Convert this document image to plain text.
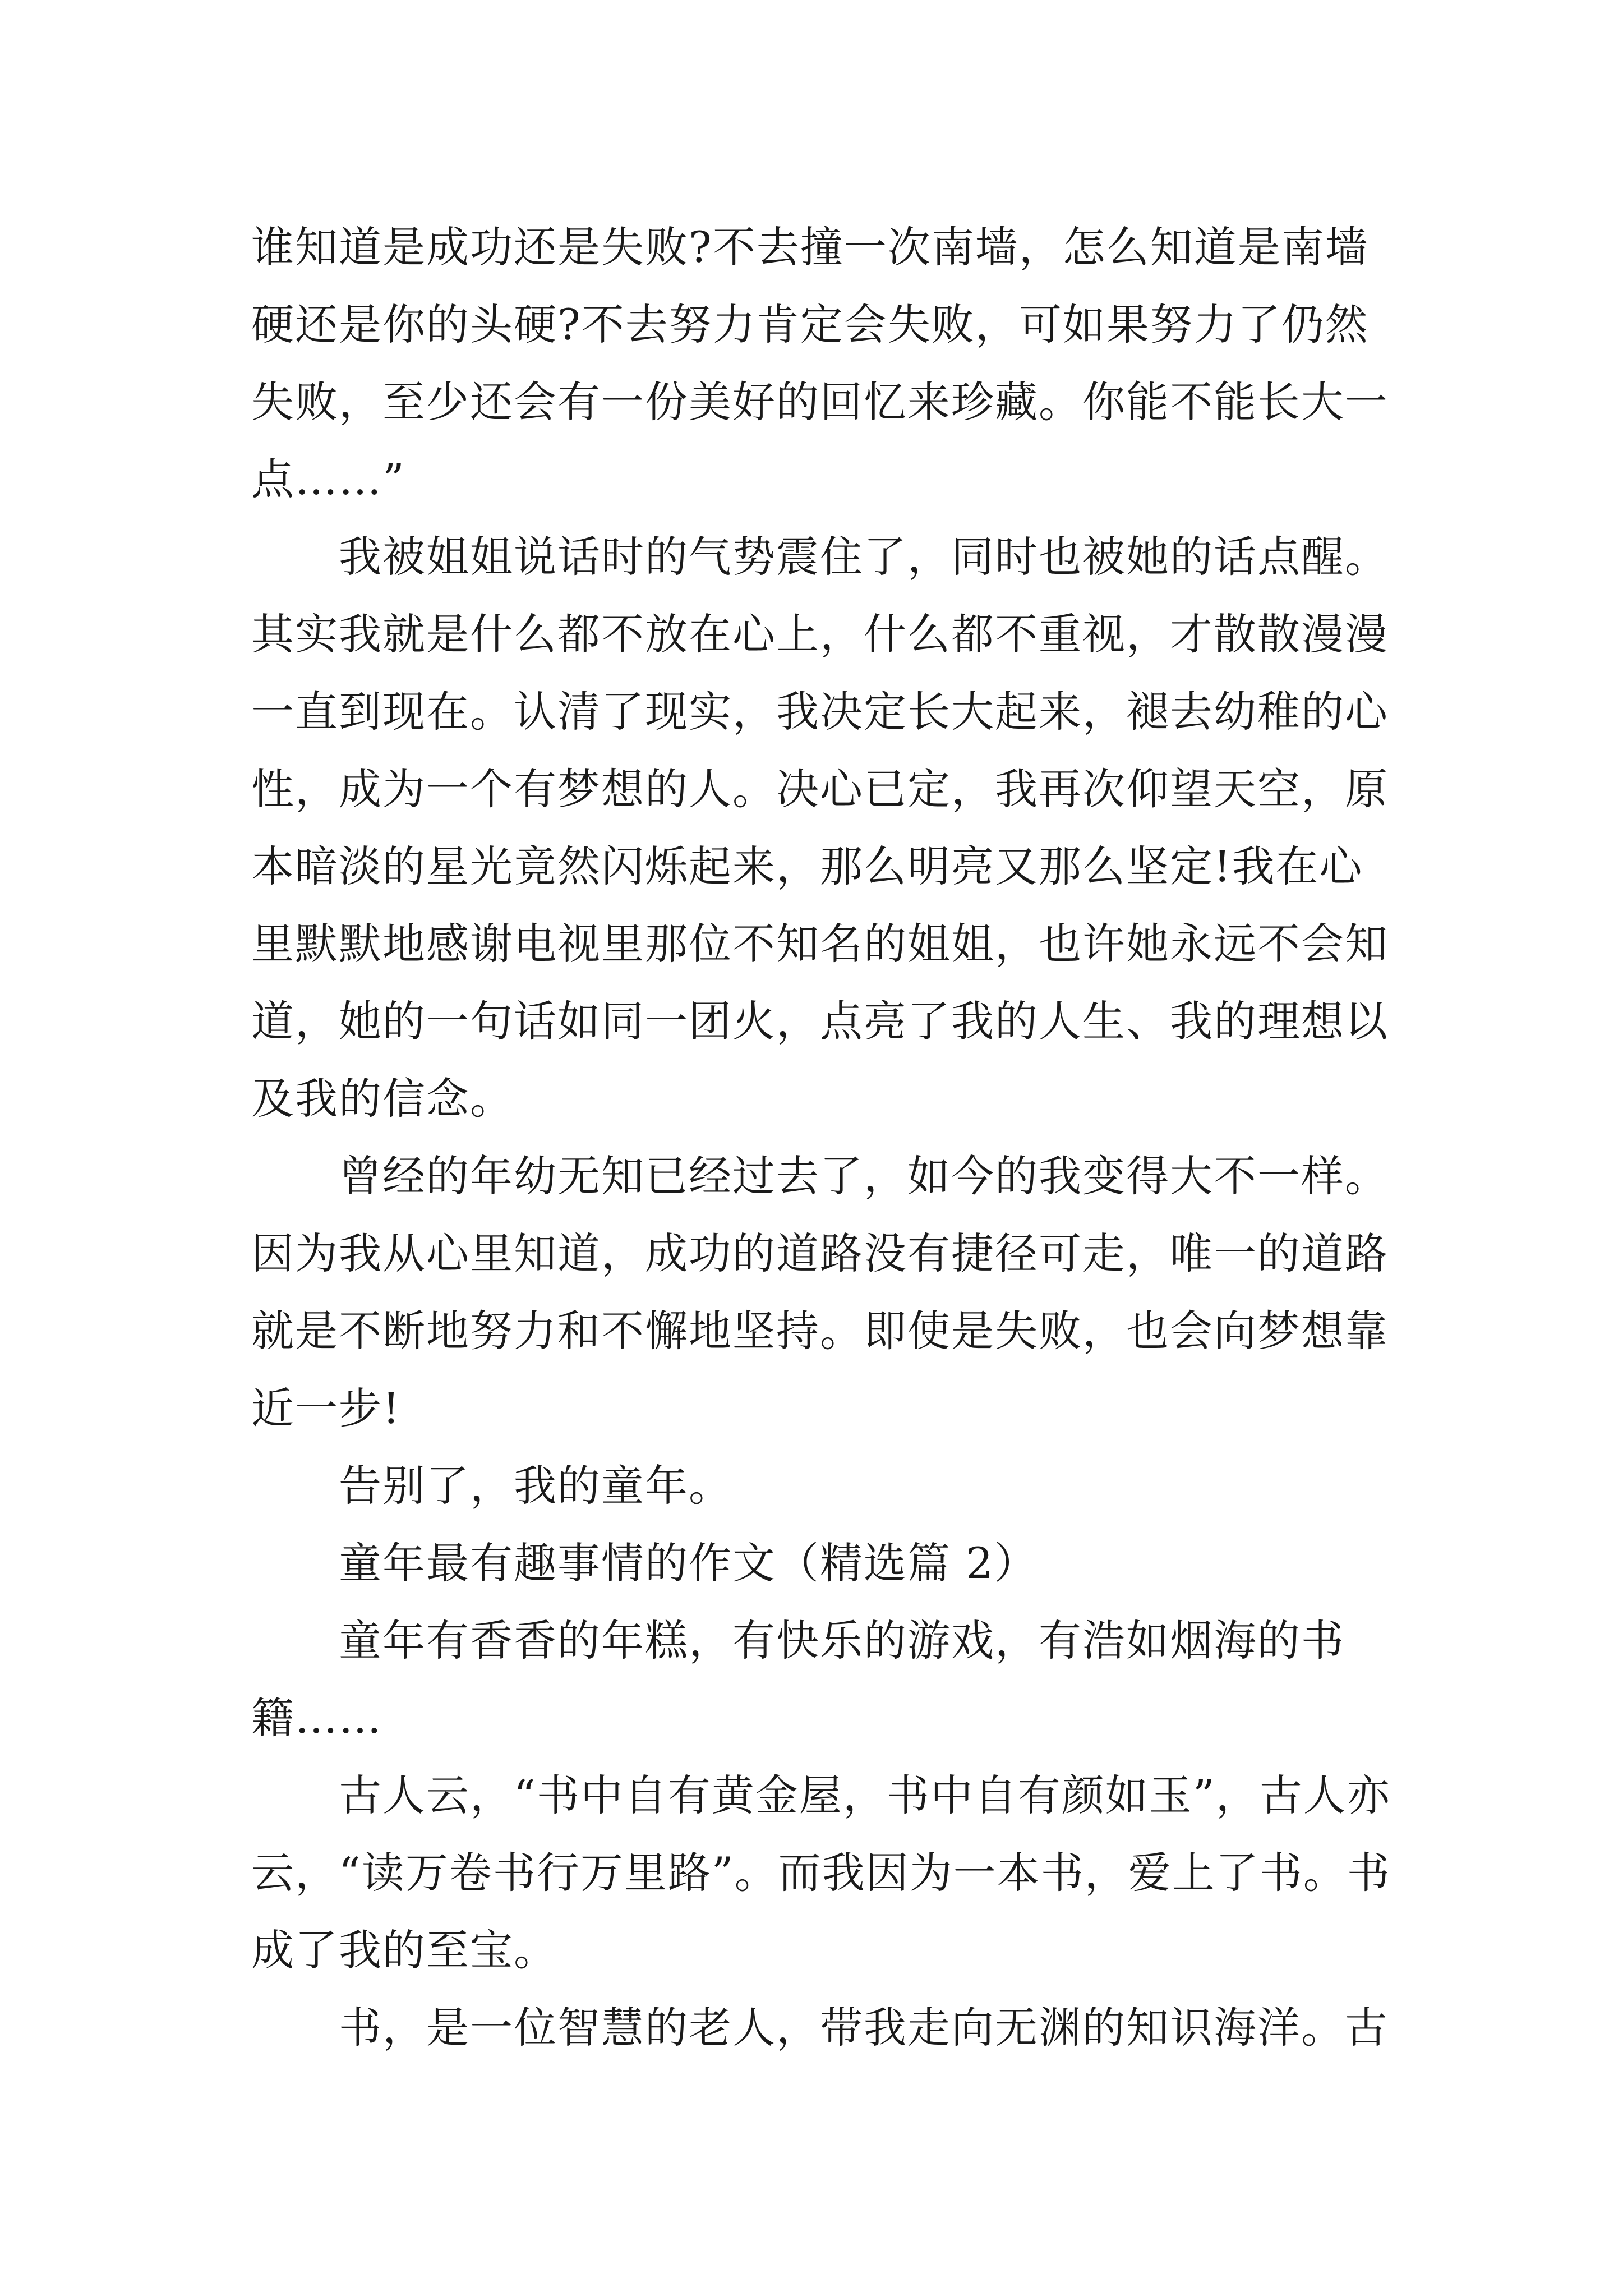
谁知道是成功还是失败?不去撞一次南墙，怎么知道是南墙
硬还是你的头硬?不去努力肯定会失败，可如果努力了仍然
失败，至少还会有一份美好的回忆来珍藏。你能不能长大一
点……”
我被姐姐说话时的气势震住了，同时也被她的话点醒。
其实我就是什么都不放在心上，什么都不重视，才散散漫漫
一直到现在。认清了现实，我决定长大起来，褪去幼稚的心
性，成为一个有梦想的人。决心已定，我再次仰望天空，原
本暗淡的星光竟然闪烁起来，那么明亮又那么坚定!我在心
里默默地感谢电视里那位不知名的姐姐，也许她永远不会知
道，她的一句话如同一团火，点亮了我的人生、我的理想以
及我的信念。
曾经的年幼无知已经过去了，如今的我变得大不一样。
因为我从心里知道，成功的道路没有捷径可走，唯一的道路
就是不断地努力和不懈地坚持。即使是失败，也会向梦想靠
近一步!
告别了，我的童年。
童年最有趣事情的作文（精选篇 2）
童年有香香的年糕，有快乐的游戏，有浩如烟海的书
籍……
古人云，“书中自有黄金屋，书中自有颜如玉”，古人亦
云，“读万卷书行万里路”。而我因为一本书，爱上了书。书
成了我的至宝。
书，是一位智慧的老人，带我走向无渊的知识海洋。古
